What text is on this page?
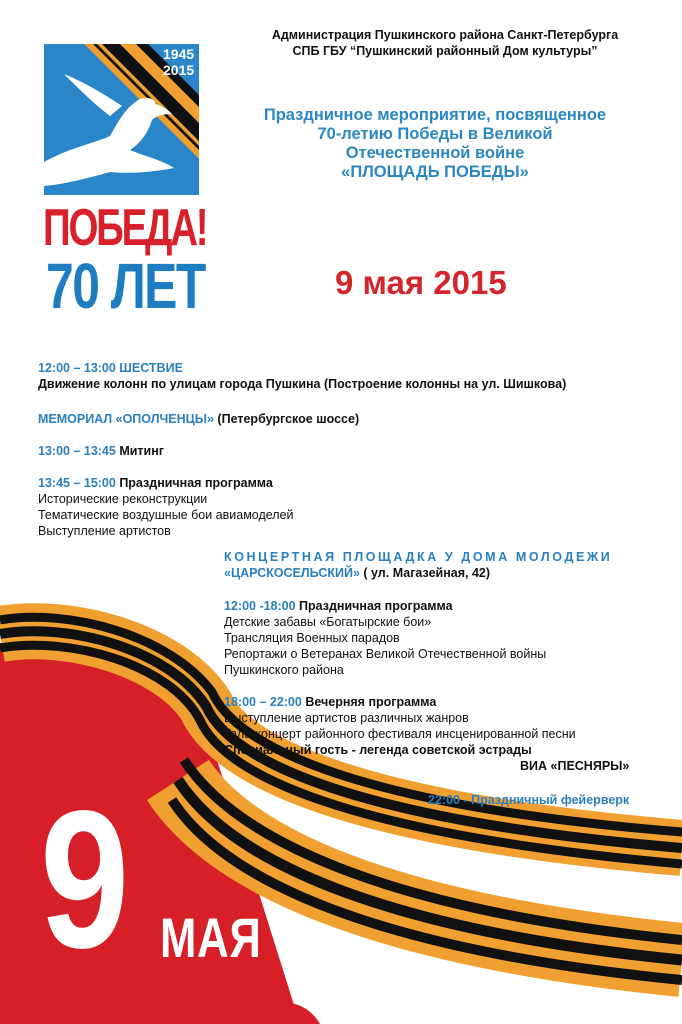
1945
2015
ПОБЕДА!
70 ЛЕТ
Администрация Пушкинского района Санкт-Петербурга
СПБ ГБУ “Пушкинский районный Дом культуры”
Праздничное мероприятие, посвященное
70-летию Победы в Великой
Отечественной войне
«ПЛОЩАДЬ ПОБЕДЫ»
9 мая 2015
9 МАЯ
12:00 – 13:00 ШЕСТВИЕ
Движение колонн по улицам города Пушкина (Построение колонны на ул. Шишкова)
МЕМОРИАЛ «ОПОЛЧЕНЦЫ» (Петербургское шоссе)
13:00 – 13:45 Митинг
13:45 – 15:00 Праздничная программа
Исторические реконструкции
Тематические воздушные бои авиамоделей
Выступление артистов
КОНЦЕРТНАЯ ПЛОЩАДКА У ДОМА МОЛОДЕЖИ
«ЦАРСКОСЕЛЬСКИЙ» ( ул. Магазейная, 42)
12:00 -18:00 Праздничная программа
Детские забавы «Богатырские бои»
Трансляция Военных парадов
Репортажи о Ветеранах Великой Отечественной войны
Пушкинского района
18:00 – 22:00 Вечерняя программа
Выступление артистов различных жанров
Гала-концерт районного фестиваля инсценированной песни
Специальный гость - легенда советской эстрады
ВИА «ПЕСНЯРЫ»
22:00 - Праздничный фейерверк
